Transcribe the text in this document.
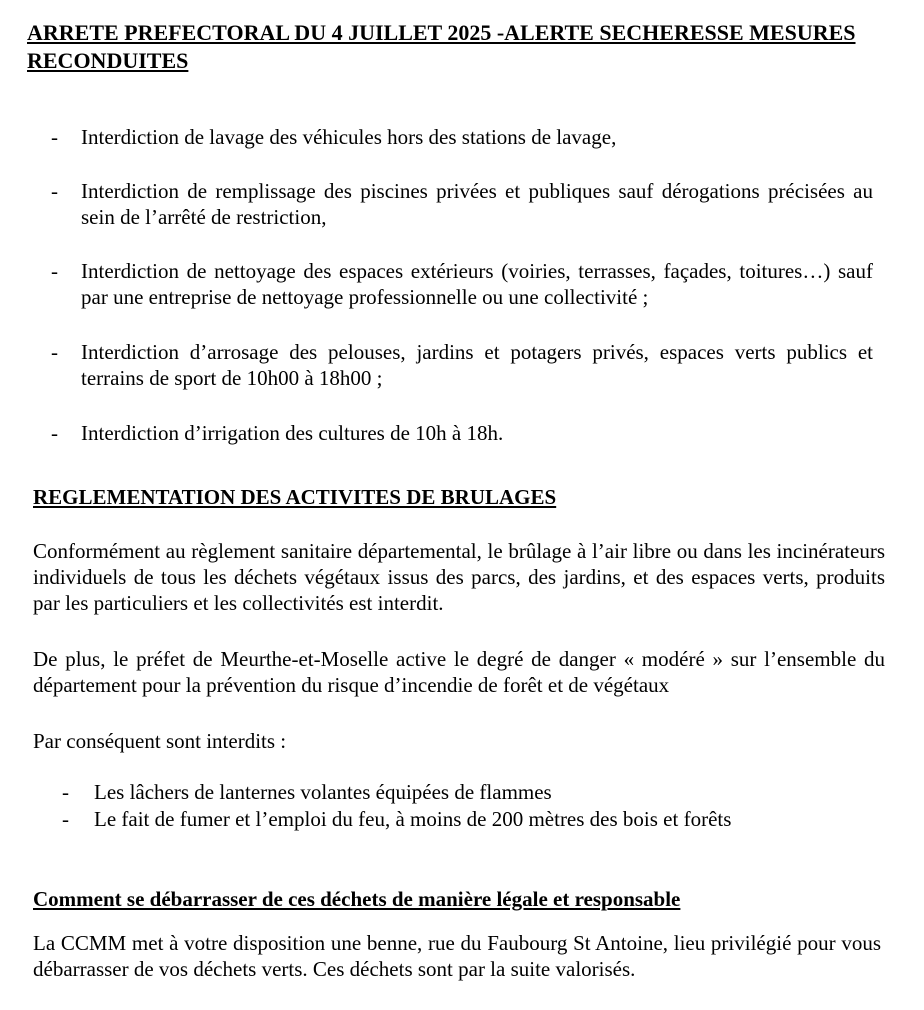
ARRETE PREFECTORAL DU 4 JUILLET 2025 -ALERTE SECHERESSE MESURES RECONDUITES
- Interdiction de lavage des véhicules hors des stations de lavage,
- Interdiction de remplissage des piscines privées et publiques sauf dérogations précisées au sein de l’arrêté de restriction,
- Interdiction de nettoyage des espaces extérieurs (voiries, terrasses, façades, toitures…) sauf par une entreprise de nettoyage professionnelle ou une collectivité ;
- Interdiction d’arrosage des pelouses, jardins et potagers privés, espaces verts publics et terrains de sport de 10h00 à 18h00 ;
- Interdiction d’irrigation des cultures de 10h à 18h.
REGLEMENTATION DES ACTIVITES DE BRULAGES

Conformément au règlement sanitaire départemental, le brûlage à l’air libre ou dans les incinérateurs individuels de tous les déchets végétaux issus des parcs, des jardins, et des espaces verts, produits par les particuliers et les collectivités est interdit.

De plus, le préfet de Meurthe-et-Moselle active le degré de danger « modéré » sur l’ensemble du département pour la prévention du risque d’incendie de forêt et de végétaux

Par conséquent sont interdits :

- Les lâchers de lanternes volantes équipées de flammes
- Le fait de fumer et l’emploi du feu, à moins de 200 mètres des bois et forêts
Comment se débarrasser de ces déchets de manière légale et responsable

La CCMM met à votre disposition une benne, rue du Faubourg St Antoine, lieu privilégié pour vous débarrasser de vos déchets verts. Ces déchets sont par la suite valorisés.
